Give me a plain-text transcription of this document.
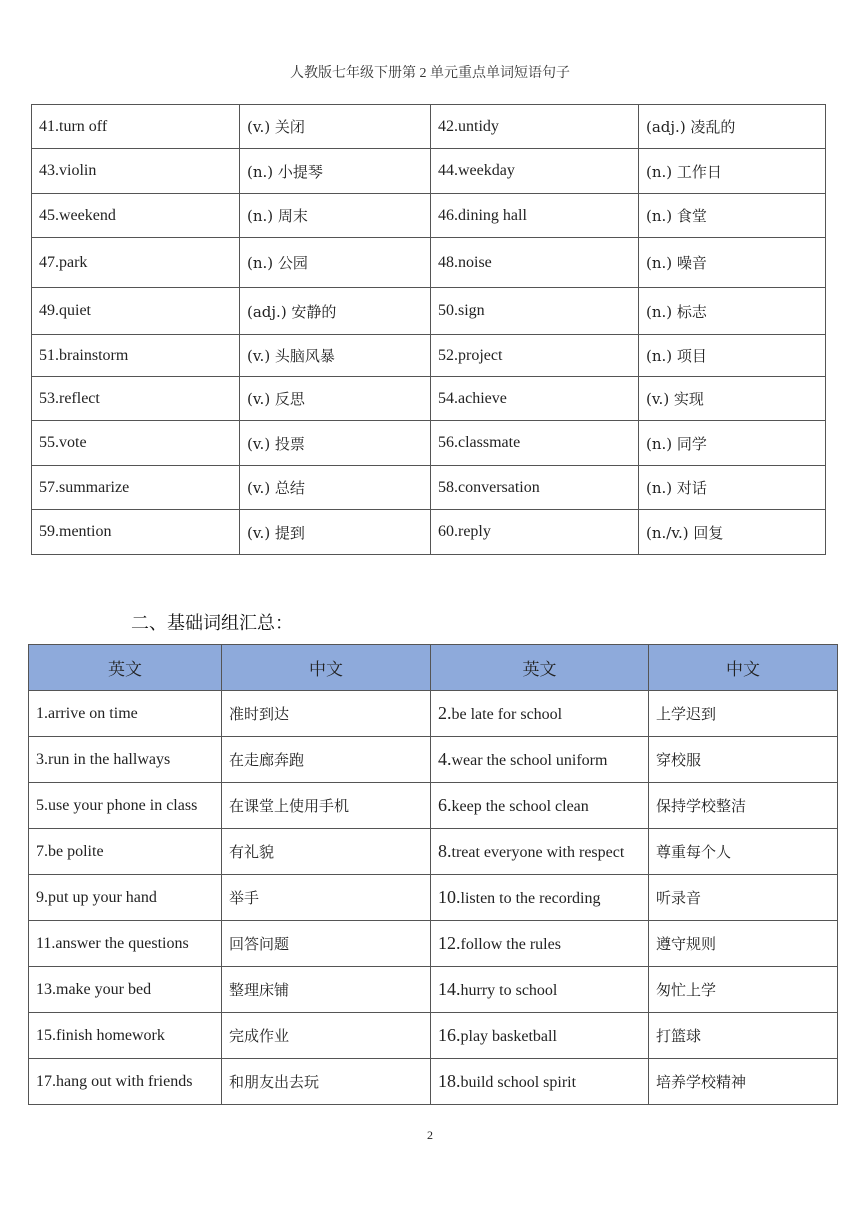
人教版七年级下册第 2 单元重点单词短语句子
41.turn off	(v.) 关闭	42.untidy	(adj.) 凌乱的
43.violin	(n.) 小提琴	44.weekday	(n.) 工作日
45.weekend	(n.) 周末	46.dining hall	(n.) 食堂
47.park	(n.) 公园	48.noise	(n.) 噪音
49.quiet	(adj.) 安静的	50.sign	(n.) 标志
51.brainstorm	(v.) 头脑风暴	52.project	(n.) 项目
53.reflect	(v.) 反思	54.achieve	(v.) 实现
55.vote	(v.) 投票	56.classmate	(n.) 同学
57.summarize	(v.) 总结	58.conversation	(n.) 对话
59.mention	(v.) 提到	60.reply	(n./v.) 回复
二、基础词组汇总：
英文	中文	英文	中文
1.arrive on time	准时到达	2.be late for school	上学迟到
3.run in the hallways	在走廊奔跑	4.wear the school uniform	穿校服
5.use your phone in class	在课堂上使用手机	6.keep the school clean	保持学校整洁
7.be polite	有礼貌	8.treat everyone with respect	尊重每个人
9.put up your hand	举手	10.listen to the recording	听录音
11.answer the questions	回答问题	12.follow the rules	遵守规则
13.make your bed	整理床铺	14.hurry to school	匆忙上学
15.finish homework	完成作业	16.play basketball	打篮球
17.hang out with friends	和朋友出去玩	18.build school spirit	培养学校精神
2
